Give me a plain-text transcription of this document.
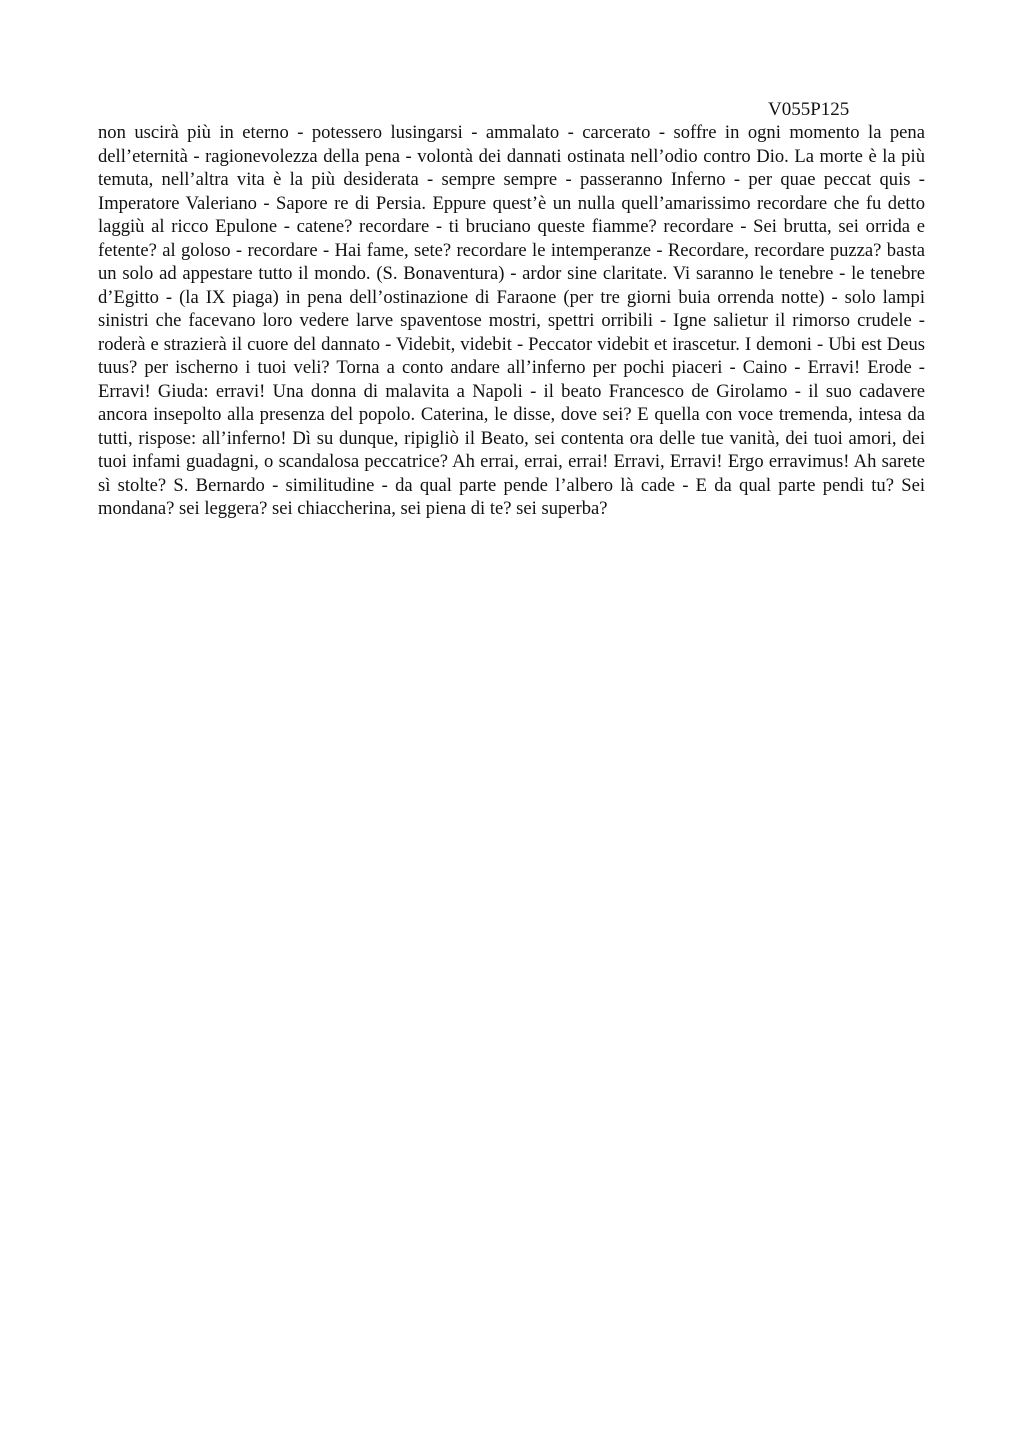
V055P125

non uscirà più in eterno - potessero lusingarsi - ammalato - carcerato - soffre in ogni momento la pena dell’eternità - ragionevolezza della pena - volontà dei dannati ostinata nell’odio contro Dio. La morte è la più temuta, nell’altra vita è la più desiderata - sempre sempre - passeranno Inferno - per quae peccat quis - Imperatore Valeriano - Sapore re di Persia. Eppure quest’è un nulla quell’amarissimo recordare che fu detto laggiù al ricco Epulone - catene? recordare - ti bruciano queste fiamme? recordare - Sei brutta, sei orrida e fetente? al goloso - recordare - Hai fame, sete? recordare le intemperanze - Recordare, recordare puzza? basta un solo ad appestare tutto il mondo. (S. Bonaventura) - ardor sine claritate. Vi saranno le tenebre - le tenebre d’Egitto - (la IX piaga) in pena dell’ostinazione di Faraone (per tre giorni buia orrenda notte) - solo lampi sinistri che facevano loro vedere larve spaventose mostri, spettri orribili - Igne salietur il rimorso crudele - roderà e strazierà il cuore del dannato - Videbit, videbit - Peccator videbit et irascetur. I demoni - Ubi est Deus tuus? per ischerno i tuoi veli? Torna a conto andare all’inferno per pochi piaceri - Caino - Erravi! Erode - Erravi! Giuda: erravi! Una donna di malavita a Napoli - il beato Francesco de Girolamo - il suo cadavere ancora insepolto alla presenza del popolo. Caterina, le disse, dove sei? E quella con voce tremenda, intesa da tutti, rispose: all’inferno! Dì su dunque, ripigliò il Beato, sei contenta ora delle tue vanità, dei tuoi amori, dei tuoi infami guadagni, o scandalosa peccatrice? Ah errai, errai, errai! Erravi, Erravi! Ergo erravimus! Ah sarete sì stolte? S. Bernardo - similitudine - da qual parte pende l’albero là cade - E da qual parte pendi tu? Sei mondana? sei leggera? sei chiaccherina, sei piena di te? sei superba?
